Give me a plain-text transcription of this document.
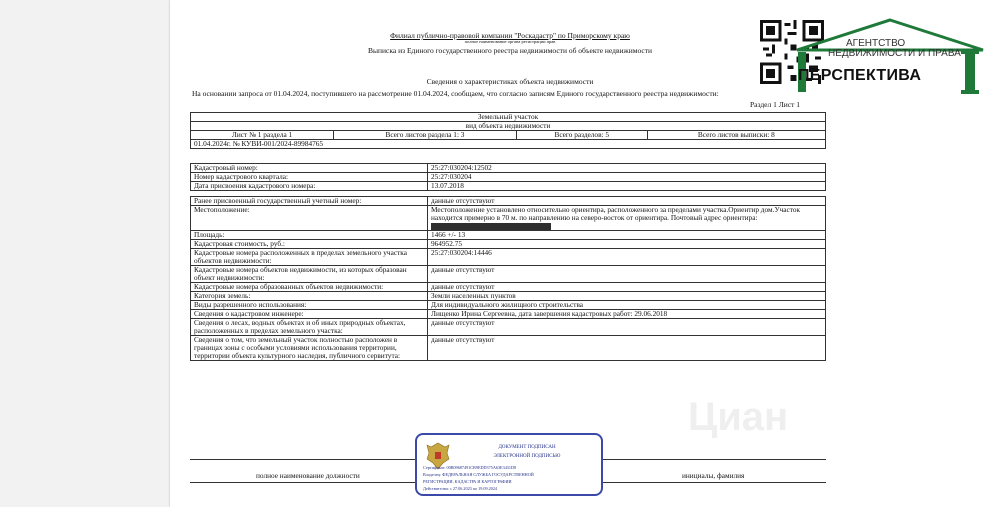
Филиал публично-правовой компании "Роскадастр" по Приморскому краю
полное наименование органа регистрации прав
Выписка из Единого государственного реестра недвижимости об объекте недвижимости
Сведения о характеристиках объекта недвижимости
На основании запроса от 01.04.2024, поступившего на рассмотрение 01.04.2024, сообщаем, что согласно записям Единого государственного реестра недвижимости:
Раздел 1 Лист 1
Земельный участок
вид объекта недвижимости
Лист № 1 раздела 1	Всего листов раздела 1: 3	Всего разделов: 5	Всего листов выписки: 8
01.04.2024г. № КУВИ-001/2024-89984765
Кадастровый номер:	25:27:030204:12502
Номер кадастрового квартала:	25:27:030204
Дата присвоения кадастрового номера:	13.07.2018

Ранее присвоенный государственный учетный номер:	данные отсутствуют
Местоположение:	Местоположение установлено относительно ориентира, расположенного за пределами участка.Ориентир дом.Участок находится примерно в 70 м. по направлению на северо-восток от ориентира. Почтовый адрес ориентира:
Площадь:	1466 +/- 13
Кадастровая стоимость, руб.:	964952.75
Кадастровые номера расположенных в пределах земельного участка объектов недвижимости:	25:27:030204:14446
Кадастровые номера объектов недвижимости, из которых образован объект недвижимости:	данные отсутствуют
Кадастровые номера образованных объектов недвижимости:	данные отсутствуют
Категория земель:	Земли населенных пунктов
Виды разрешенного использования:	Для индивидуального жилищного строительства
Сведения о кадастровом инженере:	Лищенко Ирина Сергеевна, дата завершения кадастровых работ: 29.06.2018
Сведения о лесах, водных объектах и об иных природных объектах, расположенных в пределах земельного участка:	данные отсутствуют
Сведения о том, что земельный участок полностью расположен в границах зоны с особыми условиями использования территории, территории объекта культурного наследия, публичного сервитута:	данные отсутствуют
полное наименование должности	инициалы, фамилия
ДОКУМЕНТ ПОДПИСАН
ЭЛЕКТРОННОЙ ПОДПИСЬЮ
Сертификат: 00B09687491CB9EDD375A63E3431D8
Владелец: ФЕДЕРАЛЬНАЯ СЛУЖБА ГОСУДАРСТВЕННОЙ
РЕГИСТРАЦИИ, КАДАСТРА И КАРТОГРАФИИ
Действителен: с 27.06.2023 по 19.09.2024
АГЕНТСТВО
НЕДВИЖИМОСТИ И ПРАВА
ПЕРСПЕКТИВА
Циан
